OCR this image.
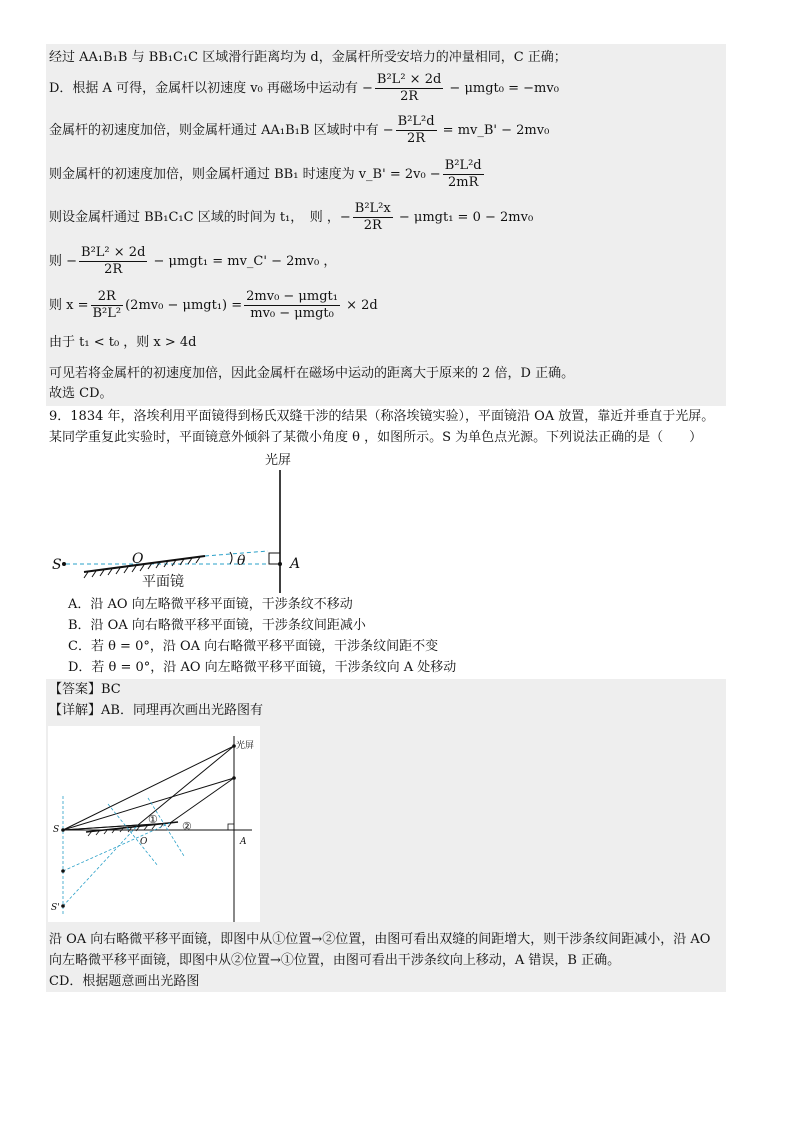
经过 AA₁B₁B 与 BB₁C₁C 区域滑行距离均为 d，金属杆所受安培力的冲量相同，C 正确；
D．根据 A 可得，金属杆以初速度 v₀ 再磁场中运动有 − $\frac{\text{B²L² × 2d}}{2R} - \mu mgt_0 = -mv_0$
金属杆的初速度加倍，则金属杆通过 AA₁B₁B 区域时中有 − $\frac{\text{B²L²d}}{2R}$ = mv_B' − 2mv₀
则金属杆的初速度加倍，则金属杆通过 BB₁ 时速度为 v_B' = $2v_0 - \frac{\text{B²L²d}}{2mR}$
则设金属杆通过 BB₁C₁C 区域的时间为 t₁，　则 ，− $\frac{\text{B²L²x}}{2R} - \mu mgt_1 = 0 - 2mv_0$
则 − $\frac{\text{B²L² × 2d}}{2R} - \mu mgt_1$ = mv_C' − 2mv₀ ，
则 $x = \frac{2R}{\text{B²L²}} (2mv_0 - \mu mgt_1) = \frac{\text{2mv₀ − μmgt₁}}{\text{mv₀ − μmgt₀}} \times 2d$
由于 t₁ < t₀ ，则 x > 4d
可见若将金属杆的初速度加倍，因此金属杆在磁场中运动的距离大于原来的 2 倍，D 正确。
故选 CD。
9．1834 年，洛埃利用平面镜得到杨氏双缝干涉的结果（称洛埃镜实验），平面镜沿 OA 放置，靠近并垂直于光屏。
某同学重复此实验时，平面镜意外倾斜了某微小角度 θ ，如图所示。S 为单色点光源。下列说法正确的是（　　）
光屏
S	O	θ	A
平面镜
A．沿 AO 向左略微平移平面镜，干涉条纹不移动
B．沿 OA 向右略微平移平面镜，干涉条纹间距减小
C．若 θ = 0°，沿 OA 向右略微平移平面镜，干涉条纹间距不变
D．若 θ = 0°，沿 AO 向左略微平移平面镜，干涉条纹向 A 处移动
【答案】BC
【详解】AB．同理再次画出光路图有
光屏
S
S'
A
O
①
②
沿 OA 向右略微平移平面镜，即图中从①位置→②位置，由图可看出双缝的间距增大，则干涉条纹间距减小，沿 AO
向左略微平移平面镜，即图中从②位置→①位置，由图可看出干涉条纹向上移动，A 错误，B 正确。
CD．根据题意画出光路图
